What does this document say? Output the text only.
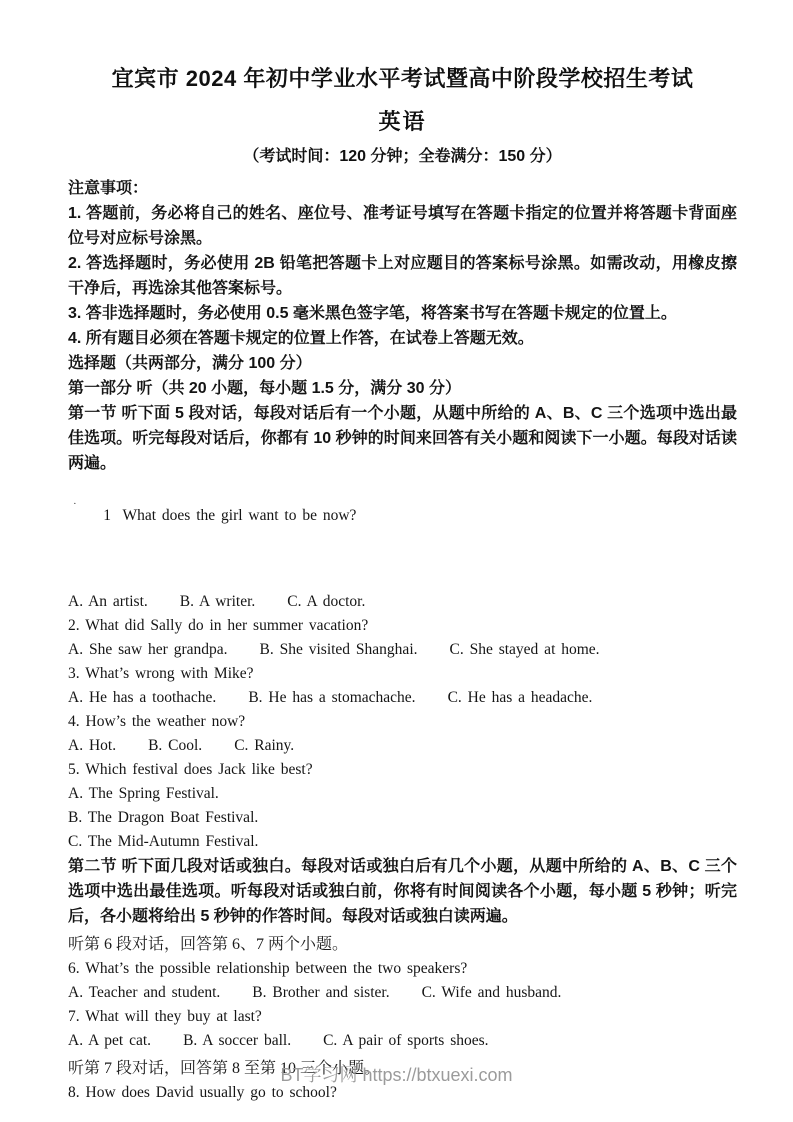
宜宾市 2024 年初中学业水平考试暨高中阶段学校招生考试
英语
（考试时间：120 分钟；全卷满分：150 分）
注意事项：
1. 答题前，务必将自己的姓名、座位号、准考证号填写在答题卡指定的位置并将答题卡背面座位号对应标号涂黑。
2. 答选择题时，务必使用 2B 铅笔把答题卡上对应题目的答案标号涂黑。如需改动，用橡皮擦干净后，再选涂其他答案标号。
3. 答非选择题时，务必使用 0.5 毫米黑色签字笔，将答案书写在答题卡规定的位置上。
4. 所有题目必须在答题卡规定的位置上作答，在试卷上答题无效。
选择题（共两部分，满分 100 分）
第一部分 听（共 20 小题，每小题 1.5 分，满分 30 分）
第一节 听下面 5 段对话，每段对话后有一个小题，从题中所给的 A、B、C 三个选项中选出最佳选项。听完每段对话后，你都有 10 秒钟的时间来回答有关小题和阅读下一小题。每段对话读两遍。

1  What does the girl want to be now?

·

A. An artist. B. A writer. C. A doctor.
2. What did Sally do in her summer vacation?
A. She saw her grandpa. B. She visited Shanghai. C. She stayed at home.
3. What’s wrong with Mike?
A. He has a toothache. B. He has a stomachache. C. He has a headache.
4. How’s the weather now?
A. Hot. B. Cool. C. Rainy.
5. Which festival does Jack like best?
A. The Spring Festival.
B. The Dragon Boat Festival.
C. The Mid-Autumn Festival.
第二节 听下面几段对话或独白。每段对话或独白后有几个小题，从题中所给的 A、B、C 三个选项中选出最佳选项。听每段对话或独白前，你将有时间阅读各个小题，每小题 5 秒钟；听完后，各小题将给出 5 秒钟的作答时间。每段对话或独白读两遍。
听第 6 段对话，回答第 6、7 两个小题。
6. What’s the possible relationship between the two speakers?
A. Teacher and student. B. Brother and sister. C. Wife and husband.
7. What will they buy at last?
A. A pet cat. B. A soccer ball. C. A pair of sports shoes.
听第 7 段对话，回答第 8 至第 10 三个小题。
8. How does David usually go to school?
BT学习网 https://btxuexi.com
